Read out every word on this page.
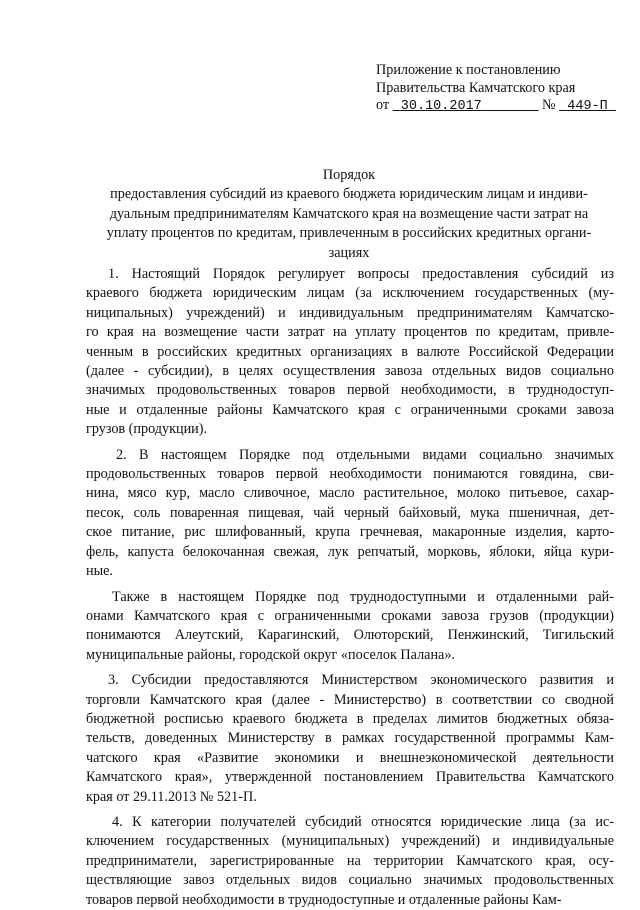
Приложение к постановлению
Правительства Камчатского края
от 30.10.2017	№ 449-П
Порядок
предоставления субсидий из краевого бюджета юридическим лицам и индиви-
дуальным предпринимателям Камчатского края на возмещение части затрат на
уплату процентов по кредитам, привлеченным в российских кредитных органи-
зациях
1. Настоящий Порядок регулирует вопросы предоставления субсидий из
краевого бюджета юридическим лицам (за исключением государственных (му-
ниципальных) учреждений) и индивидуальным предпринимателям Камчатско-
го края на возмещение части затрат на уплату процентов по кредитам, привле-
ченным в российских кредитных организациях в валюте Российской Федерации
(далее - субсидии), в целях осуществления завоза отдельных видов социально
значимых продовольственных товаров первой необходимости, в труднодоступ-
ные и отдаленные районы Камчатского края с ограниченными сроками завоза
грузов (продукции).
2. В настоящем Порядке под отдельными видами социально значимых
продовольственных товаров первой необходимости понимаются говядина, сви-
нина, мясо кур, масло сливочное, масло растительное, молоко питьевое, сахар-
песок, соль поваренная пищевая, чай черный байховый, мука пшеничная, дет-
ское питание, рис шлифованный, крупа гречневая, макаронные изделия, карто-
фель, капуста белокочанная свежая, лук репчатый, морковь, яблоки, яйца кури-
ные.
Также в настоящем Порядке под труднодоступными и отдаленными рай-
онами Камчатского края с ограниченными сроками завоза грузов (продукции)
понимаются Алеутский, Карагинский, Олюторский, Пенжинский, Тигильский
муниципальные районы, городской округ «поселок Палана».
3. Субсидии предоставляются Министерством экономического развития и
торговли Камчатского края (далее - Министерство) в соответствии со сводной
бюджетной росписью краевого бюджета в пределах лимитов бюджетных обяза-
тельств, доведенных Министерству в рамках государственной программы Кам-
чатского края «Развитие экономики и внешнеэкономической деятельности
Камчатского края», утвержденной постановлением Правительства Камчатского
края от 29.11.2013 № 521-П.
4. К категории получателей субсидий относятся юридические лица (за ис-
ключением государственных (муниципальных) учреждений) и индивидуальные
предприниматели, зарегистрированные на территории Камчатского края, осу-
ществляющие завоз отдельных видов социально значимых продовольственных
товаров первой необходимости в труднодоступные и отдаленные районы Кам-
